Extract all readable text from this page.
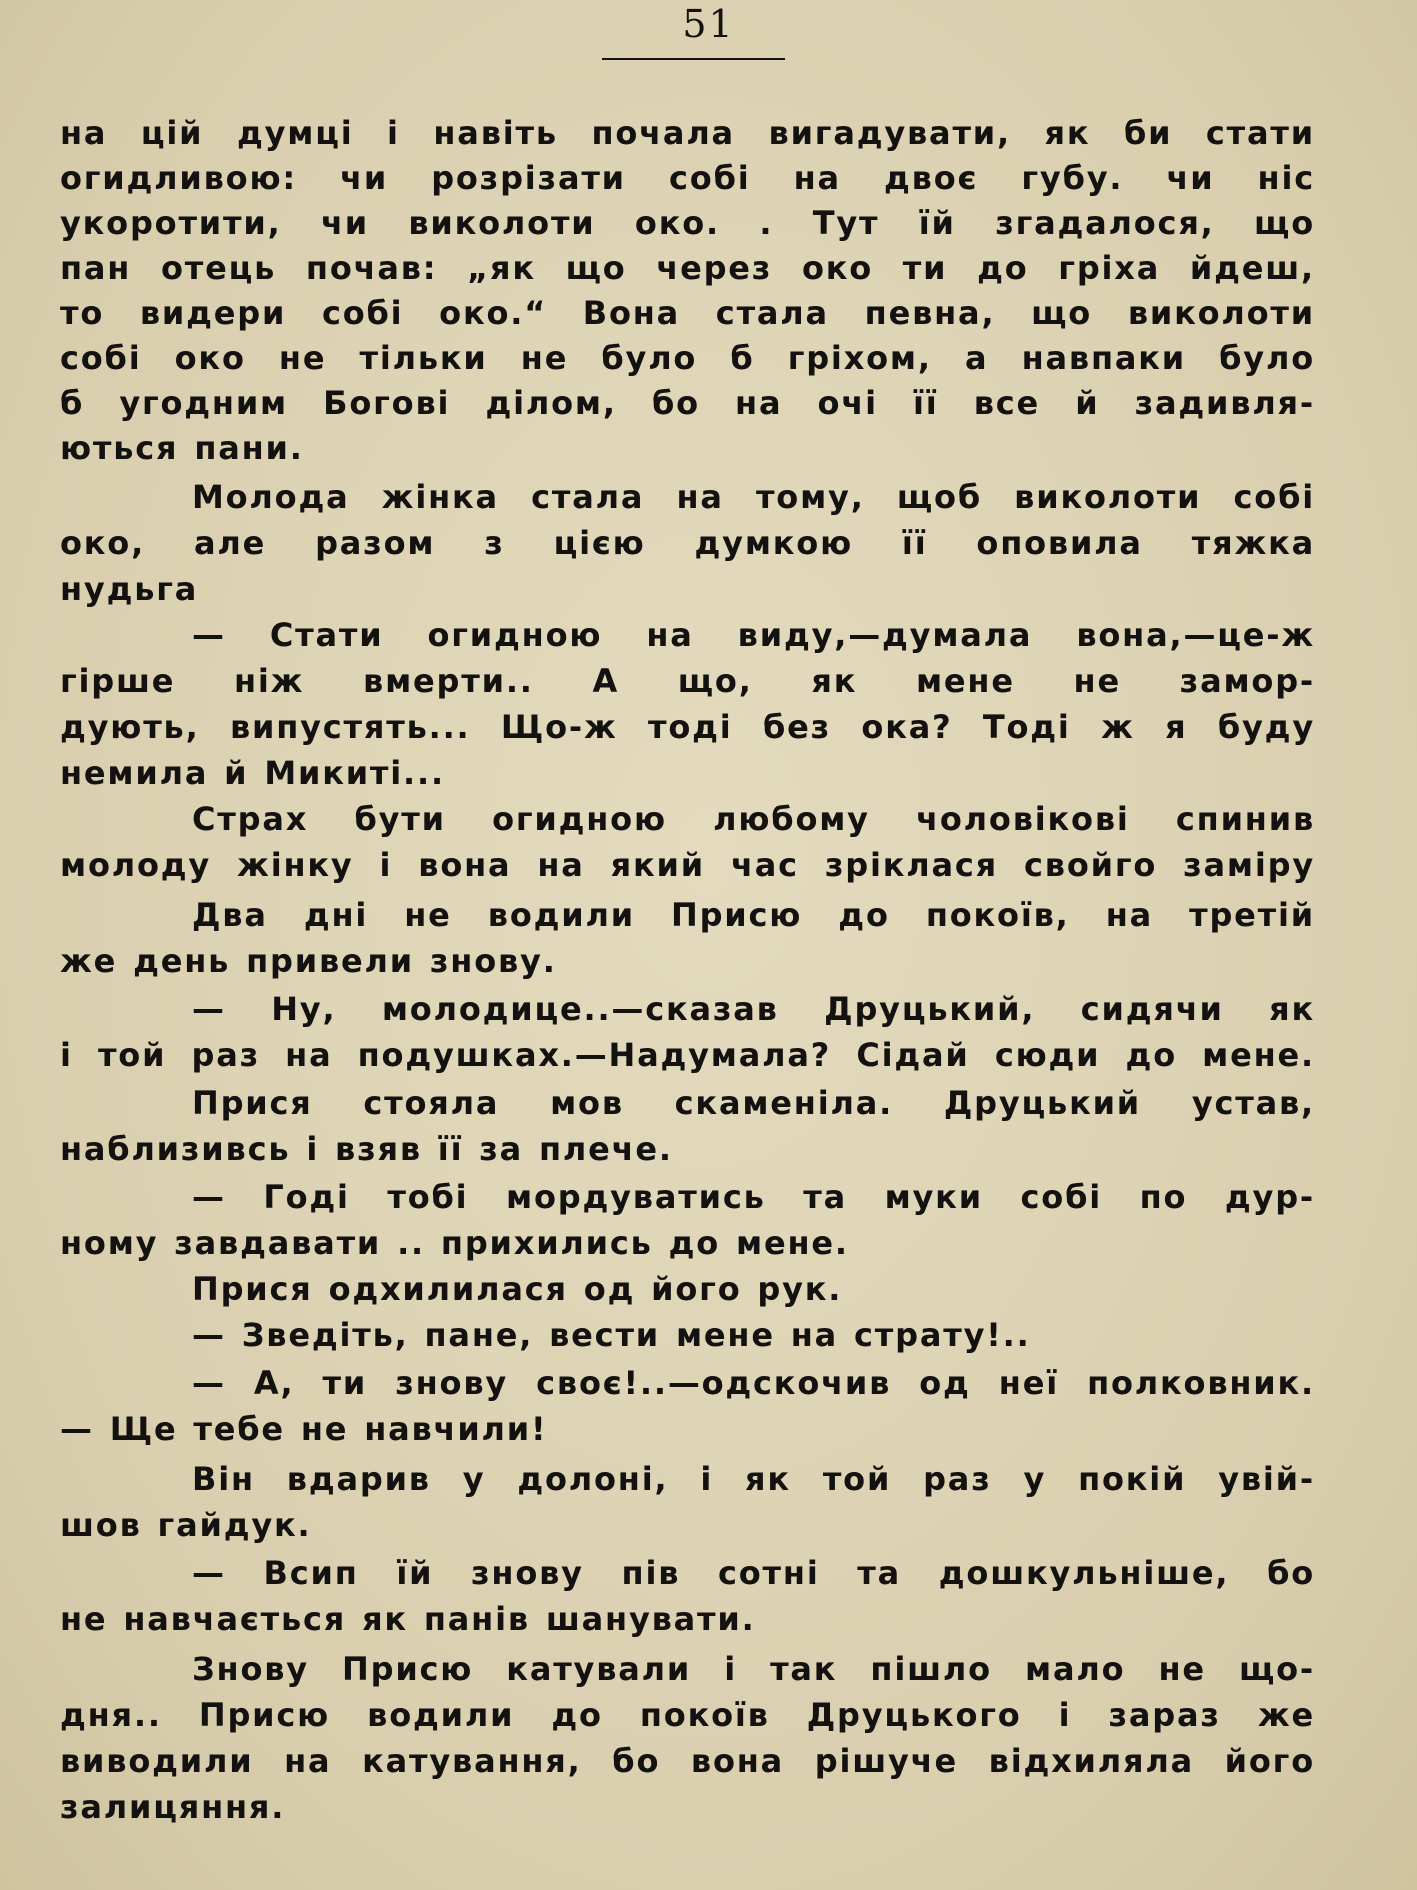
51
на цій думці і навіть почала вигадувати, як би стати
огидливою: чи розрізати собі на двоє губу. чи ніс
укоротити, чи виколоти око. . Тут їй згадалося, що
пан отець почав: „як що через око ти до гріха йдеш,
то видери собі око.“ Вона стала певна, що виколоти
собі око не тільки не було б гріхом, а навпаки було
б угодним Богові ділом, бо на очі її все й задивля-
ються пани.
Молода жінка стала на тому, щоб виколоти собі
око, але разом з цією думкою її оповила тяжка
нудьга
— Стати огидною на виду,—думала вона,—це-ж
гірше ніж вмерти.. А що, як мене не замор-
дують, випустять... Що-ж тоді без ока? Тоді ж я буду
немила й Микиті...
Страх бути огидною любому чоловікові спинив
молоду жінку і вона на який час зріклася свойго заміру
Два дні не водили Присю до покоїв, на третій
же день привели знову.
— Ну, молодице..—сказав Друцький, сидячи як
і той раз на подушках.—Надумала? Сідай сюди до мене.
Прися стояла мов скаменіла. Друцький устав,
наблизивсь і взяв її за плече.
— Годі тобі мордуватись та муки собі по дур-
ному завдавати .. прихились до мене.
Прися одхилилася од його рук.
— Зведіть, пане, вести мене на страту!..
— А, ти знову своє!..—одскочив од неї полковник.
— Ще тебе не навчили!
Він вдарив у долоні, і як той раз у покій увій-
шов гайдук.
— Всип їй знову пів сотні та дошкульніше, бо
не навчається як панів шанувати.
Знову Присю катували і так пішло мало не що-
дня.. Присю водили до покоїв Друцького і зараз же
виводили на катування, бо вона рішуче відхиляла його
залицяння.
